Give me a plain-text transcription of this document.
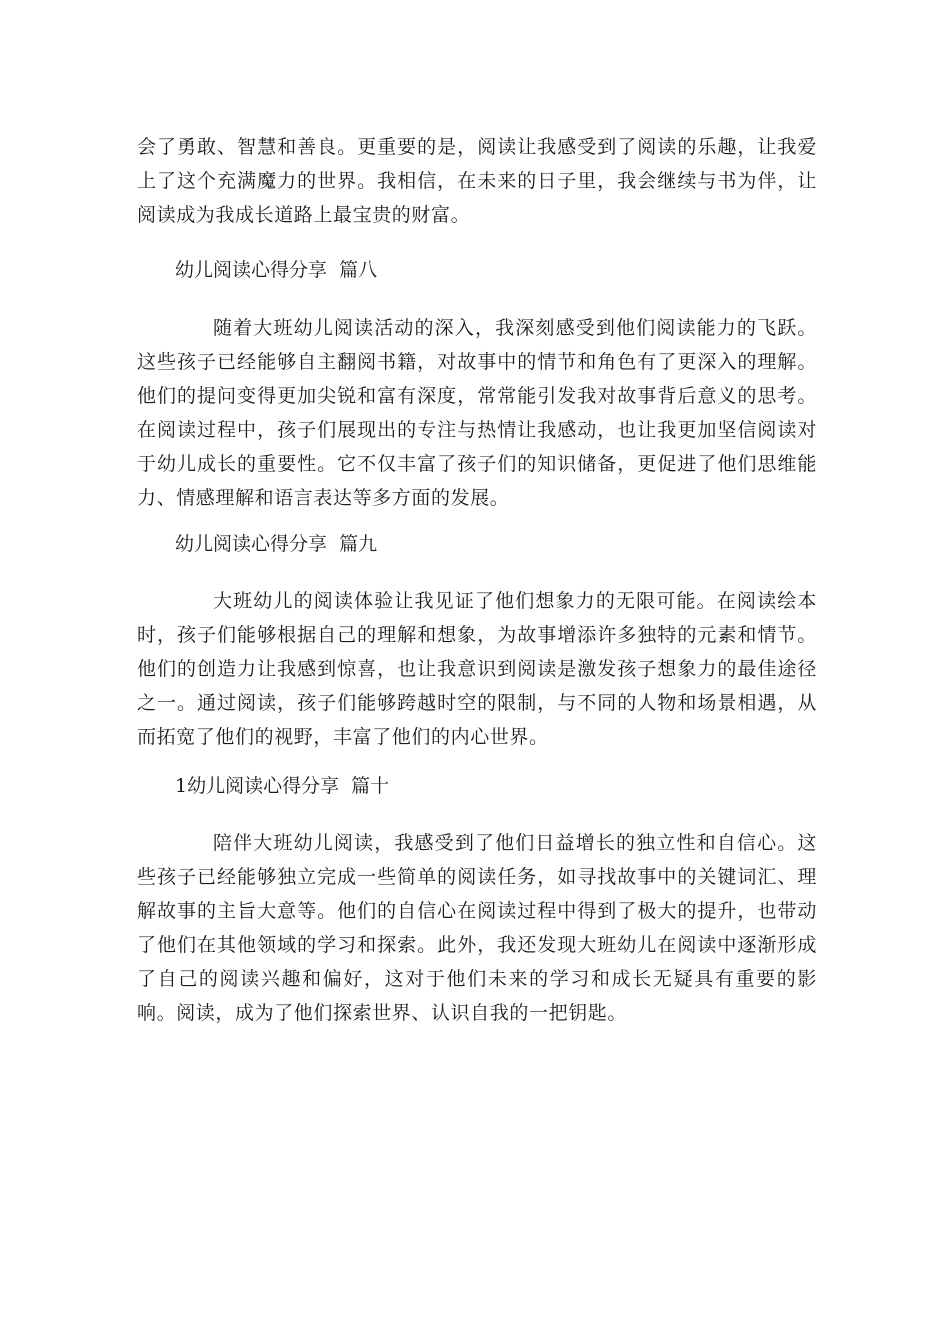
会了勇敢、智慧和善良。更重要的是，阅读让我感受到了阅读的乐趣，让我爱上了这个充满魔力的世界。我相信，在未来的日子里，我会继续与书为伴，让阅读成为我成长道路上最宝贵的财富。

幼儿阅读心得分享  篇八

随着大班幼儿阅读活动的深入，我深刻感受到他们阅读能力的飞跃。这些孩子已经能够自主翻阅书籍，对故事中的情节和角色有了更深入的理解。他们的提问变得更加尖锐和富有深度，常常能引发我对故事背后意义的思考。在阅读过程中，孩子们展现出的专注与热情让我感动，也让我更加坚信阅读对于幼儿成长的重要性。它不仅丰富了孩子们的知识储备，更促进了他们思维能力、情感理解和语言表达等多方面的发展。

幼儿阅读心得分享  篇九

大班幼儿的阅读体验让我见证了他们想象力的无限可能。在阅读绘本时，孩子们能够根据自己的理解和想象，为故事增添许多独特的元素和情节。他们的创造力让我感到惊喜，也让我意识到阅读是激发孩子想象力的最佳途径之一。通过阅读，孩子们能够跨越时空的限制，与不同的人物和场景相遇，从而拓宽了他们的视野，丰富了他们的内心世界。

1幼儿阅读心得分享  篇十

陪伴大班幼儿阅读，我感受到了他们日益增长的独立性和自信心。这些孩子已经能够独立完成一些简单的阅读任务，如寻找故事中的关键词汇、理解故事的主旨大意等。他们的自信心在阅读过程中得到了极大的提升，也带动了他们在其他领域的学习和探索。此外，我还发现大班幼儿在阅读中逐渐形成了自己的阅读兴趣和偏好，这对于他们未来的学习和成长无疑具有重要的影响。阅读，成为了他们探索世界、认识自我的一把钥匙。
